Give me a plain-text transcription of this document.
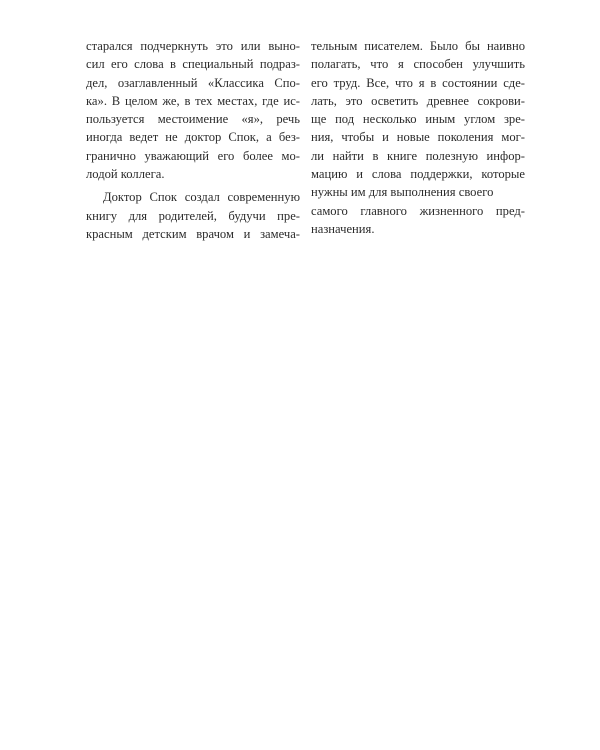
старался подчеркнуть это или выно-
сил его слова в специальный подраз-
дел, озаглавленный «Классика Спо-
ка». В целом же, в тех местах, где ис-
пользуется местоимение «я», речь
иногда ведет не доктор Спок, а без-
гранично уважающий его более мо-
лодой коллега.
Доктор Спок создал современную
книгу для родителей, будучи пре-
красным детским врачом и замеча-
тельным писателем. Было бы наивно
полагать, что я способен улучшить
его труд. Все, что я в состоянии сде-
лать, это осветить древнее сокрови-
ще под несколько иным углом зре-
ния, чтобы и новые поколения мог-
ли найти в книге полезную инфор-
мацию и слова поддержки, которые
нужны им для выполнения своего
самого главного жизненного пред-
назначения.
